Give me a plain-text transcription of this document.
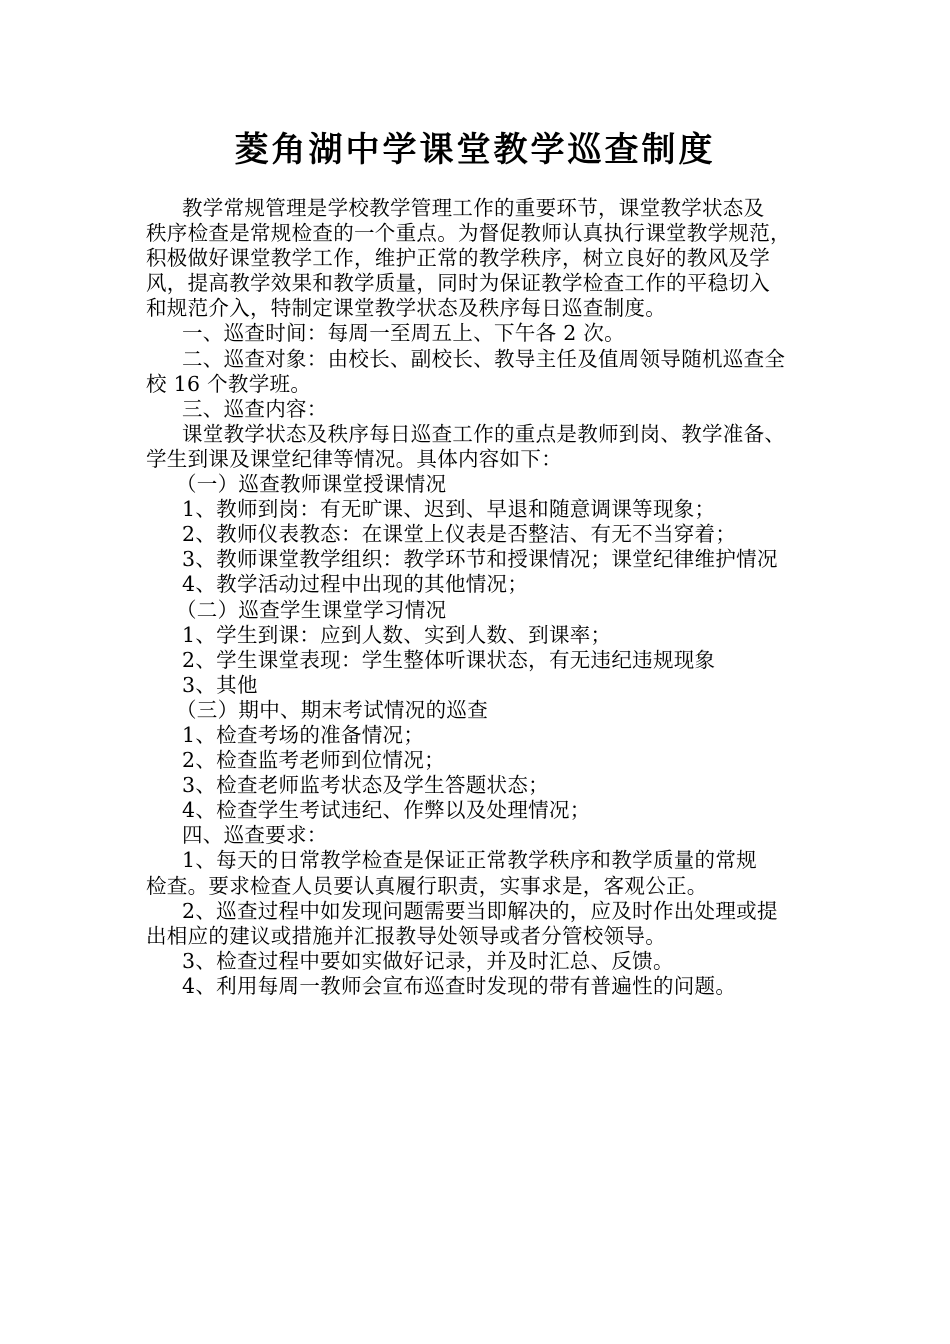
菱角湖中学课堂教学巡查制度
教学常规管理是学校教学管理工作的重要环节，课堂教学状态及
秩序检查是常规检查的一个重点。为督促教师认真执行课堂教学规范，
积极做好课堂教学工作，维护正常的教学秩序，树立良好的教风及学
风，提高教学效果和教学质量，同时为保证教学检查工作的平稳切入
和规范介入，特制定课堂教学状态及秩序每日巡查制度。
一、巡查时间：每周一至周五上、下午各 2 次。
二、巡查对象：由校长、副校长、教导主任及值周领导随机巡查全
校 16 个教学班。
三、巡查内容：
课堂教学状态及秩序每日巡查工作的重点是教师到岗、教学准备、
学生到课及课堂纪律等情况。具体内容如下：
（一）巡查教师课堂授课情况
1、教师到岗：有无旷课、迟到、早退和随意调课等现象；
2、教师仪表教态：在课堂上仪表是否整洁、有无不当穿着；
3、教师课堂教学组织：教学环节和授课情况；课堂纪律维护情况
4、教学活动过程中出现的其他情况；
（二）巡查学生课堂学习情况
1、学生到课：应到人数、实到人数、到课率；
2、学生课堂表现：学生整体听课状态，有无违纪违规现象
3、其他
（三）期中、期末考试情况的巡查
1、检查考场的准备情况；
2、检查监考老师到位情况；
3、检查老师监考状态及学生答题状态；
4、检查学生考试违纪、作弊以及处理情况；
四、巡查要求：
1、每天的日常教学检查是保证正常教学秩序和教学质量的常规
检查。要求检查人员要认真履行职责，实事求是，客观公正。
2、巡查过程中如发现问题需要当即解决的，应及时作出处理或提
出相应的建议或措施并汇报教导处领导或者分管校领导。
3、检查过程中要如实做好记录，并及时汇总、反馈。
4、利用每周一教师会宣布巡查时发现的带有普遍性的问题。
